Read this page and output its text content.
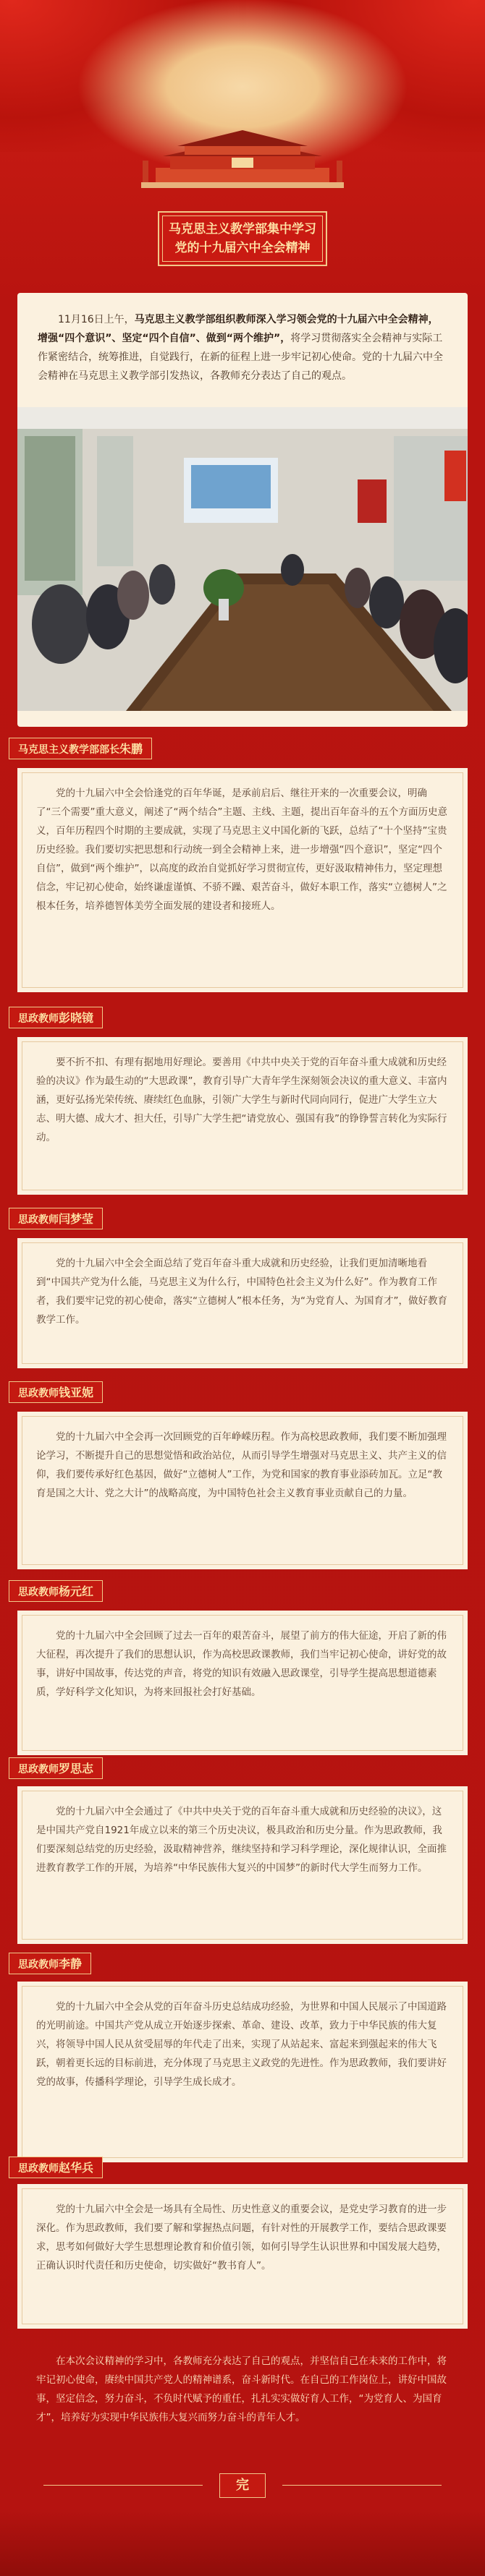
马克思主义教学部集中学习
党的十九届六中全会精神

11月16日上午，马克思主义教学部组织教师深入学习领会党的十九届六中全会精神，增强“四个意识”、坚定“四个自信”、做到“两个维护”，将学习贯彻落实全会精神与实际工作紧密结合，统筹推进，自觉践行，在新的征程上进一步牢记初心使命。党的十九届六中全会精神在马克思主义教学部引发热议，各教师充分表达了自己的观点。

马克思主义教学部部长朱鹏

党的十九届六中全会恰逢党的百年华诞，是承前启后、继往开来的一次重要会议，明确了“三个需要”重大意义，阐述了“两个结合”主题、主线、主题，提出百年奋斗的五个方面历史意义，百年历程四个时期的主要成就，实现了马克思主义中国化新的飞跃，总结了“十个坚持”宝贵历史经验。我们要切实把思想和行动统一到全会精神上来，进一步增强“四个意识”，坚定“四个自信”，做到“两个维护”，以高度的政治自觉抓好学习贯彻宣传，更好汲取精神伟力，坚定理想信念，牢记初心使命，始终谦虚谨慎、不骄不躁、艰苦奋斗，做好本职工作，落实“立德树人”之根本任务，培养德智体美劳全面发展的建设者和接班人。

思政教师彭晓镜

要不折不扣、有理有据地用好理论。要善用《中共中央关于党的百年奋斗重大成就和历史经验的决议》作为最生动的“大思政课”，教育引导广大青年学生深刻领会决议的重大意义、丰富内涵，更好弘扬光荣传统、赓续红色血脉，引领广大学生与新时代同向同行，促进广大学生立大志、明大德、成大才、担大任，引导广大学生把“请党放心、强国有我”的铮铮誓言转化为实际行动。

思政教师闫梦莹

党的十九届六中全会全面总结了党百年奋斗重大成就和历史经验，让我们更加清晰地看到“中国共产党为什么能，马克思主义为什么行，中国特色社会主义为什么好”。作为教育工作者，我们要牢记党的初心使命，落实“立德树人”根本任务，为“为党育人、为国育才”，做好教育教学工作。

思政教师钱亚妮

党的十九届六中全会再一次回顾党的百年峥嵘历程。作为高校思政教师，我们要不断加强理论学习，不断提升自己的思想觉悟和政治站位，从而引导学生增强对马克思主义、共产主义的信仰，我们要传承好红色基因，做好“立德树人”工作，为党和国家的教育事业添砖加瓦。立足“教育是国之大计、党之大计”的战略高度，为中国特色社会主义教育事业贡献自己的力量。

思政教师杨元红

党的十九届六中全会回顾了过去一百年的艰苦奋斗，展望了前方的伟大征途，开启了新的伟大征程，再次提升了我们的思想认识，作为高校思政课教师，我们当牢记初心使命，讲好党的故事，讲好中国故事，传达党的声音，将党的知识有效融入思政课堂，引导学生提高思想道德素质，学好科学文化知识，为将来回报社会打好基础。

思政教师罗思志

党的十九届六中全会通过了《中共中央关于党的百年奋斗重大成就和历史经验的决议》，这是中国共产党自1921年成立以来的第三个历史决议，极具政治和历史分量。作为思政教师，我们要深刻总结党的历史经验，汲取精神营养，继续坚持和学习科学理论，深化规律认识，全面推进教育教学工作的开展，为培养“中华民族伟大复兴的中国梦”的新时代大学生而努力工作。

思政教师李静

党的十九届六中全会从党的百年奋斗历史总结成功经验，为世界和中国人民展示了中国道路的光明前途。中国共产党从成立开始逐步探索、革命、建设、改革，致力于中华民族的伟大复兴，将领导中国人民从贫受屈辱的年代走了出来，实现了从站起来、富起来到强起来的伟大飞跃，朝着更长远的目标前进，充分体现了马克思主义政党的先进性。作为思政教师，我们要讲好党的故事，传播科学理论，引导学生成长成才。

思政教师赵华兵

党的十九届六中全会是一场具有全局性、历史性意义的重要会议，是党史学习教育的进一步深化。作为思政教师，我们要了解和掌握热点问题，有针对性的开展教学工作，要结合思政课要求，思考如何做好大学生思想理论教育和价值引领，如何引导学生认识世界和中国发展大趋势，正确认识时代责任和历史使命，切实做好“教书育人”。

在本次会议精神的学习中，各教师充分表达了自己的观点，并坚信自己在未来的工作中，将牢记初心使命，赓续中国共产党人的精神谱系，奋斗新时代。在自己的工作岗位上，讲好中国故事，坚定信念，努力奋斗，不负时代赋予的重任，扎扎实实做好育人工作，“为党育人、为国育才”，培养好为实现中华民族伟大复兴而努力奋斗的青年人才。

完
